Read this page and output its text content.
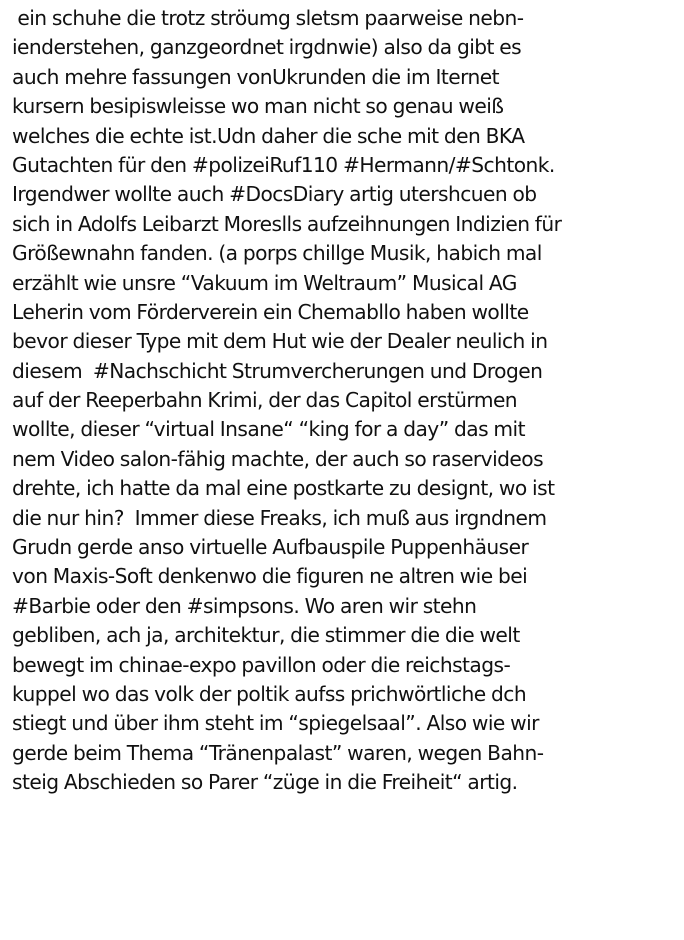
ein schuhe die trotz ströumg sletsm paarweise nebn-
ienderstehen, ganzgeordnet irgdnwie) also da gibt es
auch mehre fassungen vonUkrunden die im Iternet
kursern besipiswleisse wo man nicht so genau weiß
welches die echte ist.Udn daher die sche mit den BKA
Gutachten für den #polizeiRuf110 #Hermann/#Schtonk.
Irgendwer wollte auch #DocsDiary artig utershcuen ob
sich in Adolfs Leibarzt Moreslls aufzeihnungen Indizien für
Größewnahn fanden. (a porps chillge Musik, habich mal
erzählt wie unsre “Vakuum im Weltraum” Musical AG
Leherin vom Förderverein ein Chemabllo haben wollte
bevor dieser Type mit dem Hut wie der Dealer neulich in
diesem  #Nachschicht Strumvercherungen und Drogen
auf der Reeperbahn Krimi, der das Capitol erstürmen
wollte, dieser “virtual Insane“ “king for a day” das mit
nem Video salon-fähig machte, der auch so raservideos
drehte, ich hatte da mal eine postkarte zu designt, wo ist
die nur hin?  Immer diese Freaks, ich muß aus irgndnem
Grudn gerde anso virtuelle Aufbauspile Puppenhäuser
von Maxis-Soft denkenwo die figuren ne altren wie bei
#Barbie oder den #simpsons. Wo aren wir stehn
gebliben, ach ja, architektur, die stimmer die die welt
bewegt im chinae-expo pavillon oder die reichstags-
kuppel wo das volk der poltik aufss prichwörtliche dch
stiegt und über ihm steht im “spiegelsaal”. Also wie wir
gerde beim Thema “Tränenpalast” waren, wegen Bahn-
steig Abschieden so Parer “züge in die Freiheit“ artig.
